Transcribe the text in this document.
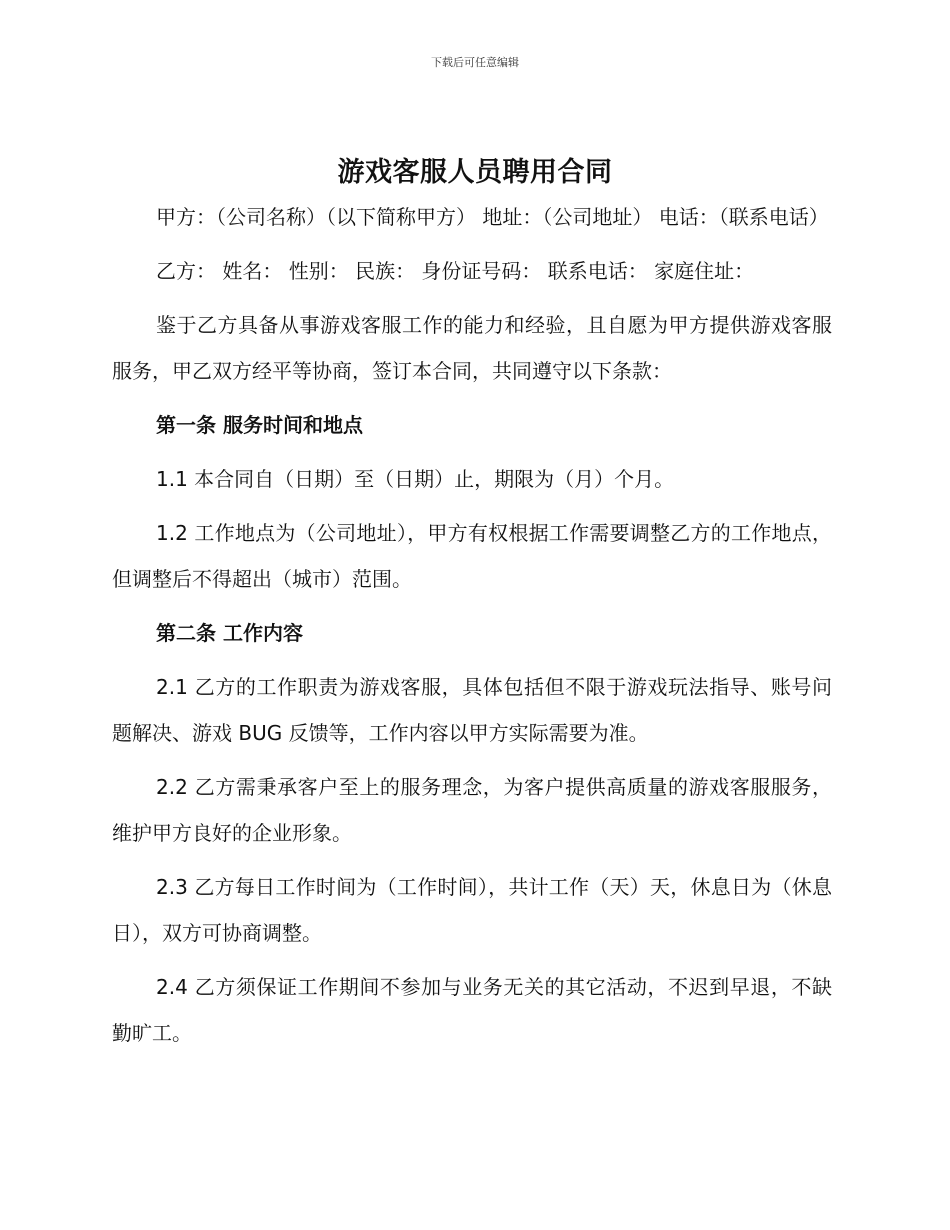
下载后可任意编辑
游戏客服人员聘用合同

甲方：（公司名称）（以下简称甲方） 地址：（公司地址） 电话：（联系电话）

乙方： 姓名： 性别： 民族： 身份证号码： 联系电话： 家庭住址：

鉴于乙方具备从事游戏客服工作的能力和经验，且自愿为甲方提供游戏客服服务，甲乙双方经平等协商，签订本合同，共同遵守以下条款：

第一条 服务时间和地点

1.1 本合同自（日期）至（日期）止，期限为（月）个月。

1.2 工作地点为（公司地址），甲方有权根据工作需要调整乙方的工作地点，但调整后不得超出（城市）范围。

第二条 工作内容

2.1 乙方的工作职责为游戏客服，具体包括但不限于游戏玩法指导、账号问题解决、游戏 BUG 反馈等，工作内容以甲方实际需要为准。

2.2 乙方需秉承客户至上的服务理念，为客户提供高质量的游戏客服服务，维护甲方良好的企业形象。

2.3 乙方每日工作时间为（工作时间），共计工作（天）天，休息日为（休息日），双方可协商调整。

2.4 乙方须保证工作期间不参加与业务无关的其它活动，不迟到早退，不缺勤旷工。
